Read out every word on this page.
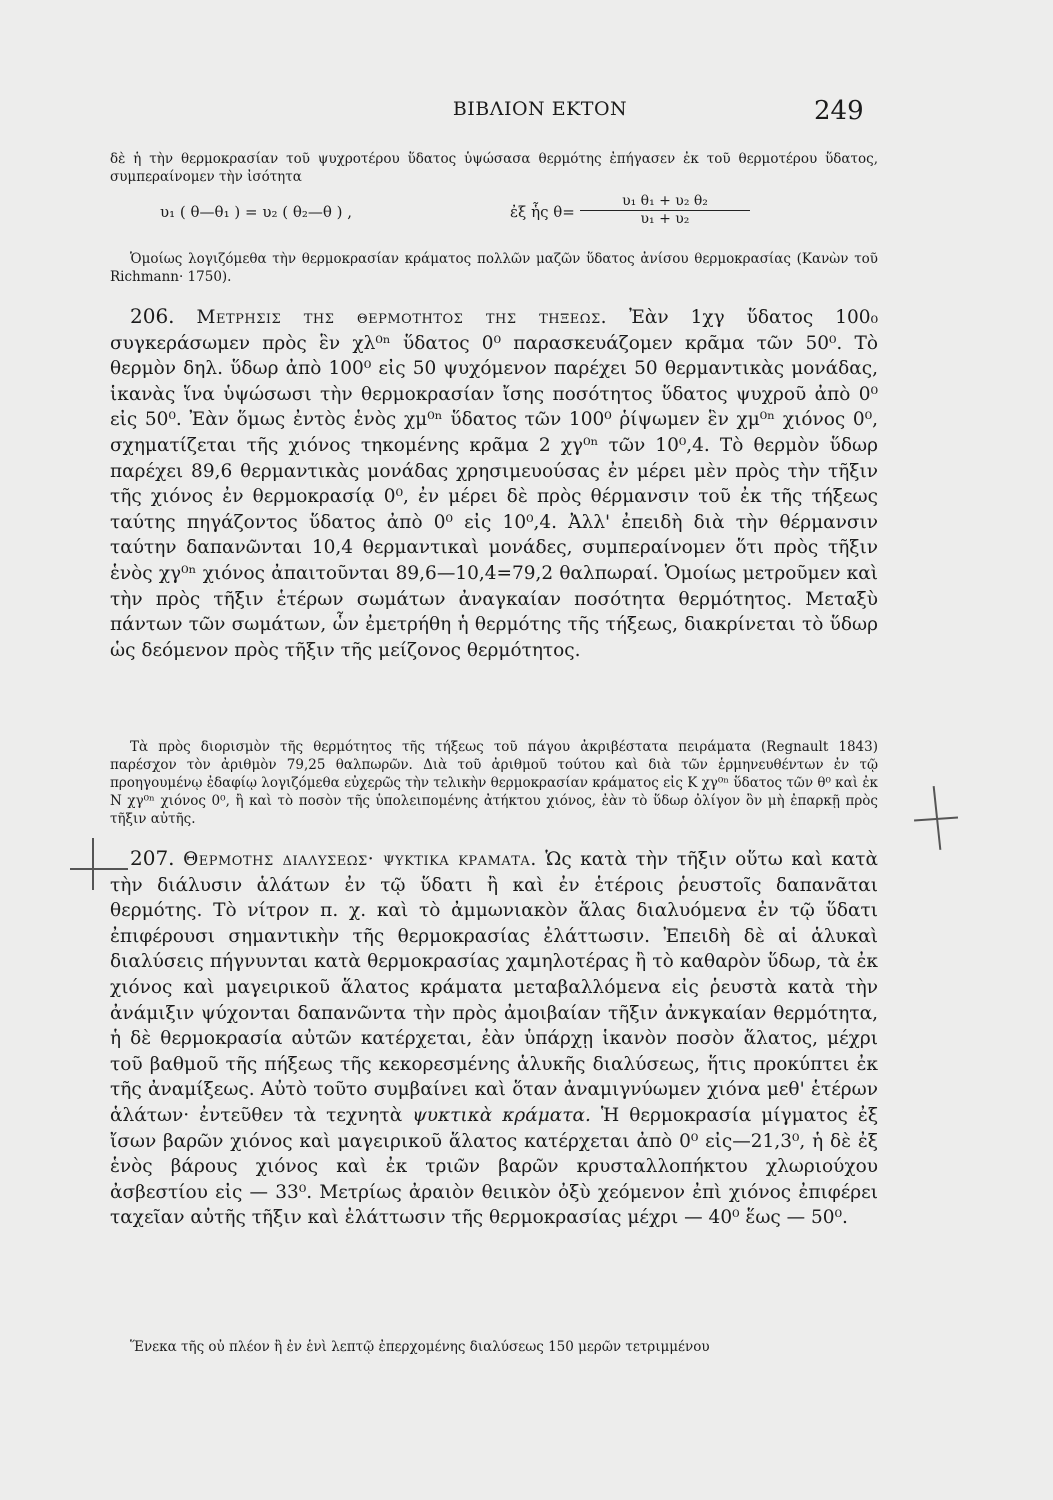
ΒΙΒΛΙΟΝ ΕΚΤΟΝ	249

δὲ ἡ τὴν θερμοκρασίαν τοῦ ψυχροτέρου ὕδατος ὑψώσασα θερμότης ἐπήγασεν ἐκ τοῦ θερμοτέρου ὕδατος, συμπεραίνομεν τὴν ἰσότητα

υ₁ ( θ—θ₁ ) = υ₂ ( θ₂—θ ) ,	ἐξ ἧς $\theta= \frac{\text{υ₁ θ₁ + υ₂ θ₂}}{\text{υ₁ + υ₂}}$

Ὁμοίως λογιζόμεθα τὴν θερμοκρασίαν κράματος πολλῶν μαζῶν ὕδατος ἀνίσου θερμοκρασίας (Κανὼν τοῦ Richmann· 1750).

206. Μετρησις της θερμοτητος της τηξεως. Ἐὰν 1χγ ὕδατος 100₀ συγκεράσωμεν πρὸς ἓν χλ⁰ⁿ ὕδατος 0⁰ παρασκευάζομεν κρᾶμα τῶν 50⁰. Τὸ θερμὸν δηλ. ὕδωρ ἀπὸ 100⁰ εἰς 50 ψυχόμενον παρέχει 50 θερμαντικὰς μονάδας, ἱκανὰς ἵνα ὑψώσωσι τὴν θερμοκρασίαν ἴσης ποσότητος ὕδατος ψυχροῦ ἀπὸ 0⁰ εἰς 50⁰. Ἐὰν ὅμως ἐντὸς ἑνὸς χμ⁰ⁿ ὕδατος τῶν 100⁰ ῥίψωμεν ἓν χμ⁰ⁿ χιόνος 0⁰, σχηματίζεται τῆς χιόνος τηκομένης κρᾶμα 2 χγ⁰ⁿ τῶν 10⁰,4. Τὸ θερμὸν ὕδωρ παρέχει 89,6 θερμαντικὰς μονάδας χρησιμευούσας ἐν μέρει μὲν πρὸς τὴν τῆξιν τῆς χιόνος ἐν θερμοκρασίᾳ 0⁰, ἐν μέρει δὲ πρὸς θέρμανσιν τοῦ ἐκ τῆς τήξεως ταύτης πηγάζοντος ὕδατος ἀπὸ 0⁰ εἰς 10⁰,4. Ἀλλ' ἐπειδὴ διὰ τὴν θέρμανσιν ταύτην δαπανῶνται 10,4 θερμαντικαὶ μονάδες, συμπεραίνομεν ὅτι πρὸς τῆξιν ἑνὸς χγ⁰ⁿ χιόνος ἀπαιτοῦνται 89,6—10,4=79,2 θαλπωραί. Ὁμοίως μετροῦμεν καὶ τὴν πρὸς τῆξιν ἑτέρων σωμάτων ἀναγκαίαν ποσότητα θερμότητος. Μεταξὺ πάντων τῶν σωμάτων, ὧν ἐμετρήθη ἡ θερμότης τῆς τήξεως, διακρίνεται τὸ ὕδωρ ὡς δεόμενον πρὸς τῆξιν τῆς μείζονος θερμότητος.

Τὰ πρὸς διορισμὸν τῆς θερμότητος τῆς τήξεως τοῦ πάγου ἀκριβέστατα πειράματα (Regnault 1843) παρέσχον τὸν ἀριθμὸν 79,25 θαλπωρῶν. Διὰ τοῦ ἀριθμοῦ τούτου καὶ διὰ τῶν ἑρμηνευθέντων ἐν τῷ προηγουμένῳ ἐδαφίῳ λογιζόμεθα εὐχερῶς τὴν τελικὴν θερμοκρασίαν κράματος εἰς Κ χγ⁰ⁿ ὕδατος τῶν θ⁰ καὶ ἐκ Ν χγ⁰ⁿ χιόνος 0⁰, ἢ καὶ τὸ ποσὸν τῆς ὑπολειπομένης ἀτήκτου χιόνος, ἐὰν τὸ ὕδωρ ὀλίγον ὂν μὴ ἐπαρκῇ πρὸς τῆξιν αὐτῆς.

207. Θερμοτης διαλυσεως· ψυκτικα κραματα. Ὡς κατὰ τὴν τῆξιν οὕτω καὶ κατὰ τὴν διάλυσιν ἁλάτων ἐν τῷ ὕδατι ἢ καὶ ἐν ἑτέροις ῥευστοῖς δαπανᾶται θερμότης. Τὸ νίτρον π. χ. καὶ τὸ ἀμμωνιακὸν ἅλας διαλυόμενα ἐν τῷ ὕδατι ἐπιφέρουσι σημαντικὴν τῆς θερμοκρασίας ἐλάττωσιν. Ἐπειδὴ δὲ αἱ ἁλυκαὶ διαλύσεις πήγνυνται κατὰ θερμοκρασίας χαμηλοτέρας ἢ τὸ καθαρὸν ὕδωρ, τὰ ἐκ χιόνος καὶ μαγειρικοῦ ἅλατος κράματα μεταβαλλόμενα εἰς ῥευστὰ κατὰ τὴν ἀνάμιξιν ψύχονται δαπανῶντα τὴν πρὸς ἀμοιβαίαν τῆξιν ἀνκγκαίαν θερμότητα, ἡ δὲ θερμοκρασία αὐτῶν κατέρχεται, ἐὰν ὑπάρχῃ ἱκανὸν ποσὸν ἅλατος, μέχρι τοῦ βαθμοῦ τῆς πήξεως τῆς κεκορεσμένης ἁλυκῆς διαλύσεως, ἥτις προκύπτει ἐκ τῆς ἀναμίξεως. Αὐτὸ τοῦτο συμβαίνει καὶ ὅταν ἀναμιγνύωμεν χιόνα μεθ' ἑτέρων ἁλάτων· ἐντεῦθεν τὰ τεχνητὰ ψυκτικὰ κράματα. Ἡ θερμοκρασία μίγματος ἐξ ἴσων βαρῶν χιόνος καὶ μαγειρικοῦ ἅλατος κατέρχεται ἀπὸ 0⁰ εἰς—21,3⁰, ἡ δὲ ἐξ ἑνὸς βάρους χιόνος καὶ ἐκ τριῶν βαρῶν κρυσταλλοπήκτου χλωριούχου ἀσβεστίου εἰς — 33⁰. Μετρίως ἀραιὸν θειικὸν ὀξὺ χεόμενον ἐπὶ χιόνος ἐπιφέρει ταχεῖαν αὐτῆς τῆξιν καὶ ἐλάττωσιν τῆς θερμοκρασίας μέχρι — 40⁰ ἕως — 50⁰.

Ἕνεκα τῆς οὐ πλέον ἢ ἐν ἑνὶ λεπτῷ ἐπερχομένης διαλύσεως 150 μερῶν τετριμμένου
